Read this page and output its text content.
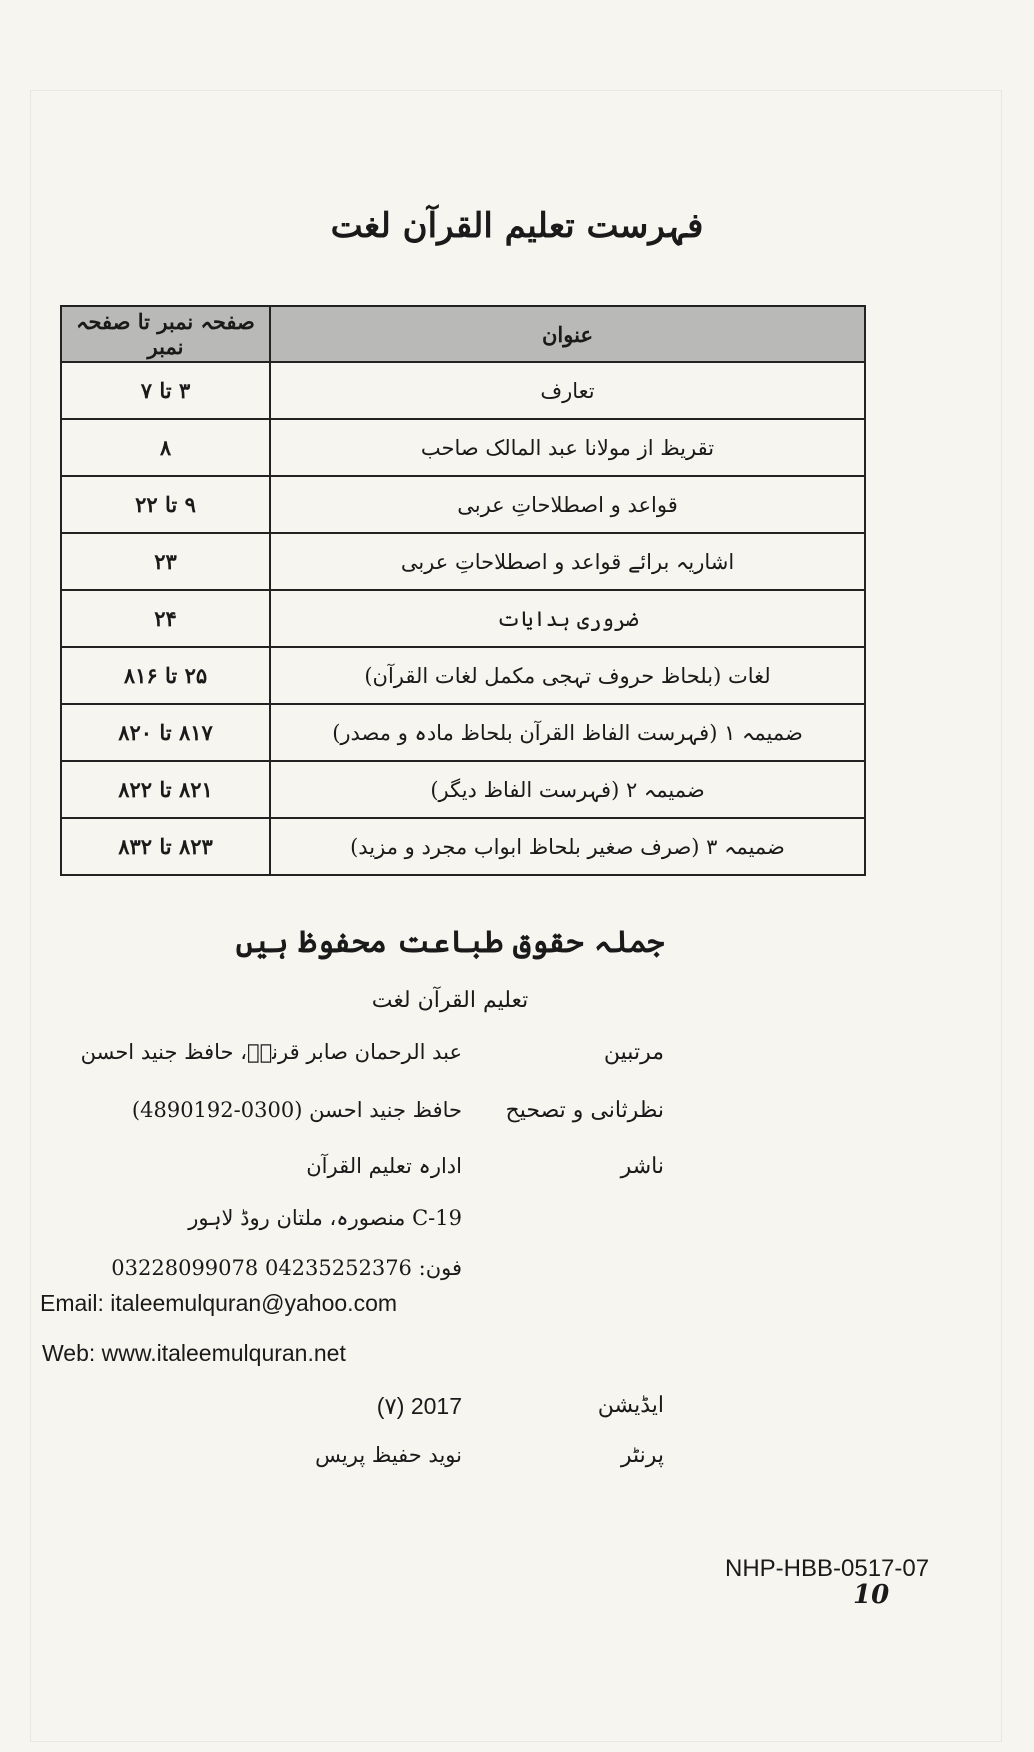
فہرست تعلیم القرآن لغت
عنوان	صفحہ نمبر تا صفحہ نمبر
تعارف	۳ تا ۷
تقریظ از مولانا عبد المالک صاحب	۸
قواعد و اصطلاحاتِ عربی	۹ تا ۲۲
اشاریہ برائے قواعد و اصطلاحاتِ عربی	۲۳
ضروری ہدایات	۲۴
لغات (بلحاظ حروف تہجی مکمل لغات القرآن)	۲۵ تا ۸۱۶
ضمیمہ ۱ (فہرست الفاظ القرآن بلحاظ مادہ و مصدر)	۸۱۷ تا ۸۲۰
ضمیمہ ۲ (فہرست الفاظ دیگر)	۸۲۱ تا ۸۲۲
ضمیمہ ۳ (صرف صغیر بلحاظ ابواب مجرد و مزید)	۸۲۳ تا ۸۳۲
جملہ حقوق طباعت محفوظ ہیں
تعلیم القرآن لغت
مرتبین
عبد الرحمان صابر قرنیؒ، حافظ جنید احسن
نظرثانی و تصحیح
حافظ جنید احسن (0300-4890192)
ناشر
ادارہ تعلیم القرآن
19-C منصورہ، ملتان روڈ لاہور
فون: 04235252376 03228099078
Email: italeemulquran@yahoo.com
Web: www.italeemulquran.net
ایڈیشن
2017 (۷)
پرنٹر
نوید حفیظ پریس
NHP-HBB-0517-07
10
